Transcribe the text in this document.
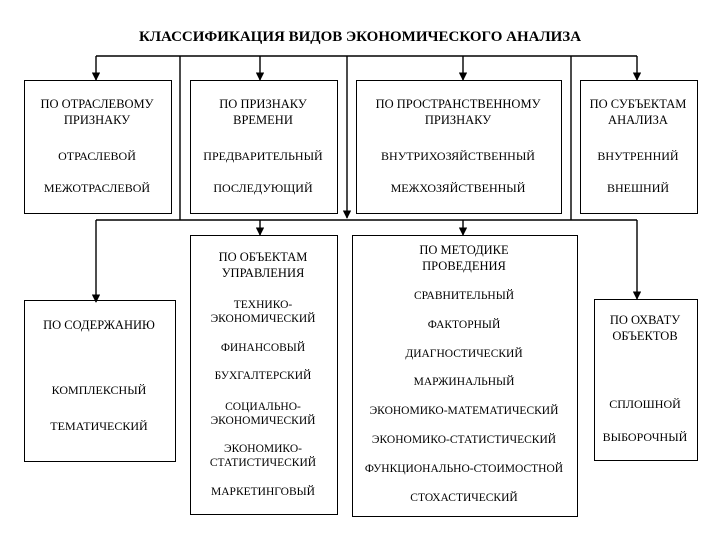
КЛАССИФИКАЦИЯ ВИДОВ ЭКОНОМИЧЕСКОГО АНАЛИЗА
ПО ОТРАСЛЕВОМУ
ПРИЗНАКУ
ОТРАСЛЕВОЙ
МЕЖОТРАСЛЕВОЙ
ПО ПРИЗНАКУ
ВРЕМЕНИ
ПРЕДВАРИТЕЛЬНЫЙ
ПОСЛЕДУЮЩИЙ
ПО ПРОСТРАНСТВЕННОМУ
ПРИЗНАКУ
ВНУТРИХОЗЯЙСТВЕННЫЙ
МЕЖХОЗЯЙСТВЕННЫЙ
ПО СУБЪЕКТАМ
АНАЛИЗА
ВНУТРЕННИЙ
ВНЕШНИЙ
ПО СОДЕРЖАНИЮ
КОМПЛЕКСНЫЙ
ТЕМАТИЧЕСКИЙ
ПО ОБЪЕКТАМ
УПРАВЛЕНИЯ
ТЕХНИКО-
ЭКОНОМИЧЕСКИЙ
ФИНАНСОВЫЙ
БУХГАЛТЕРСКИЙ
СОЦИАЛЬНО-
ЭКОНОМИЧЕСКИЙ
ЭКОНОМИКО-
СТАТИСТИЧЕСКИЙ
МАРКЕТИНГОВЫЙ
ПО МЕТОДИКЕ
ПРОВЕДЕНИЯ
СРАВНИТЕЛЬНЫЙ
ФАКТОРНЫЙ
ДИАГНОСТИЧЕСКИЙ
МАРЖИНАЛЬНЫЙ
ЭКОНОМИКО-МАТЕМАТИЧЕСКИЙ
ЭКОНОМИКО-СТАТИСТИЧЕСКИЙ
ФУНКЦИОНАЛЬНО-СТОИМОСТНОЙ
СТОХАСТИЧЕСКИЙ
ПО ОХВАТУ
ОБЪЕКТОВ
СПЛОШНОЙ
ВЫБОРОЧНЫЙ
